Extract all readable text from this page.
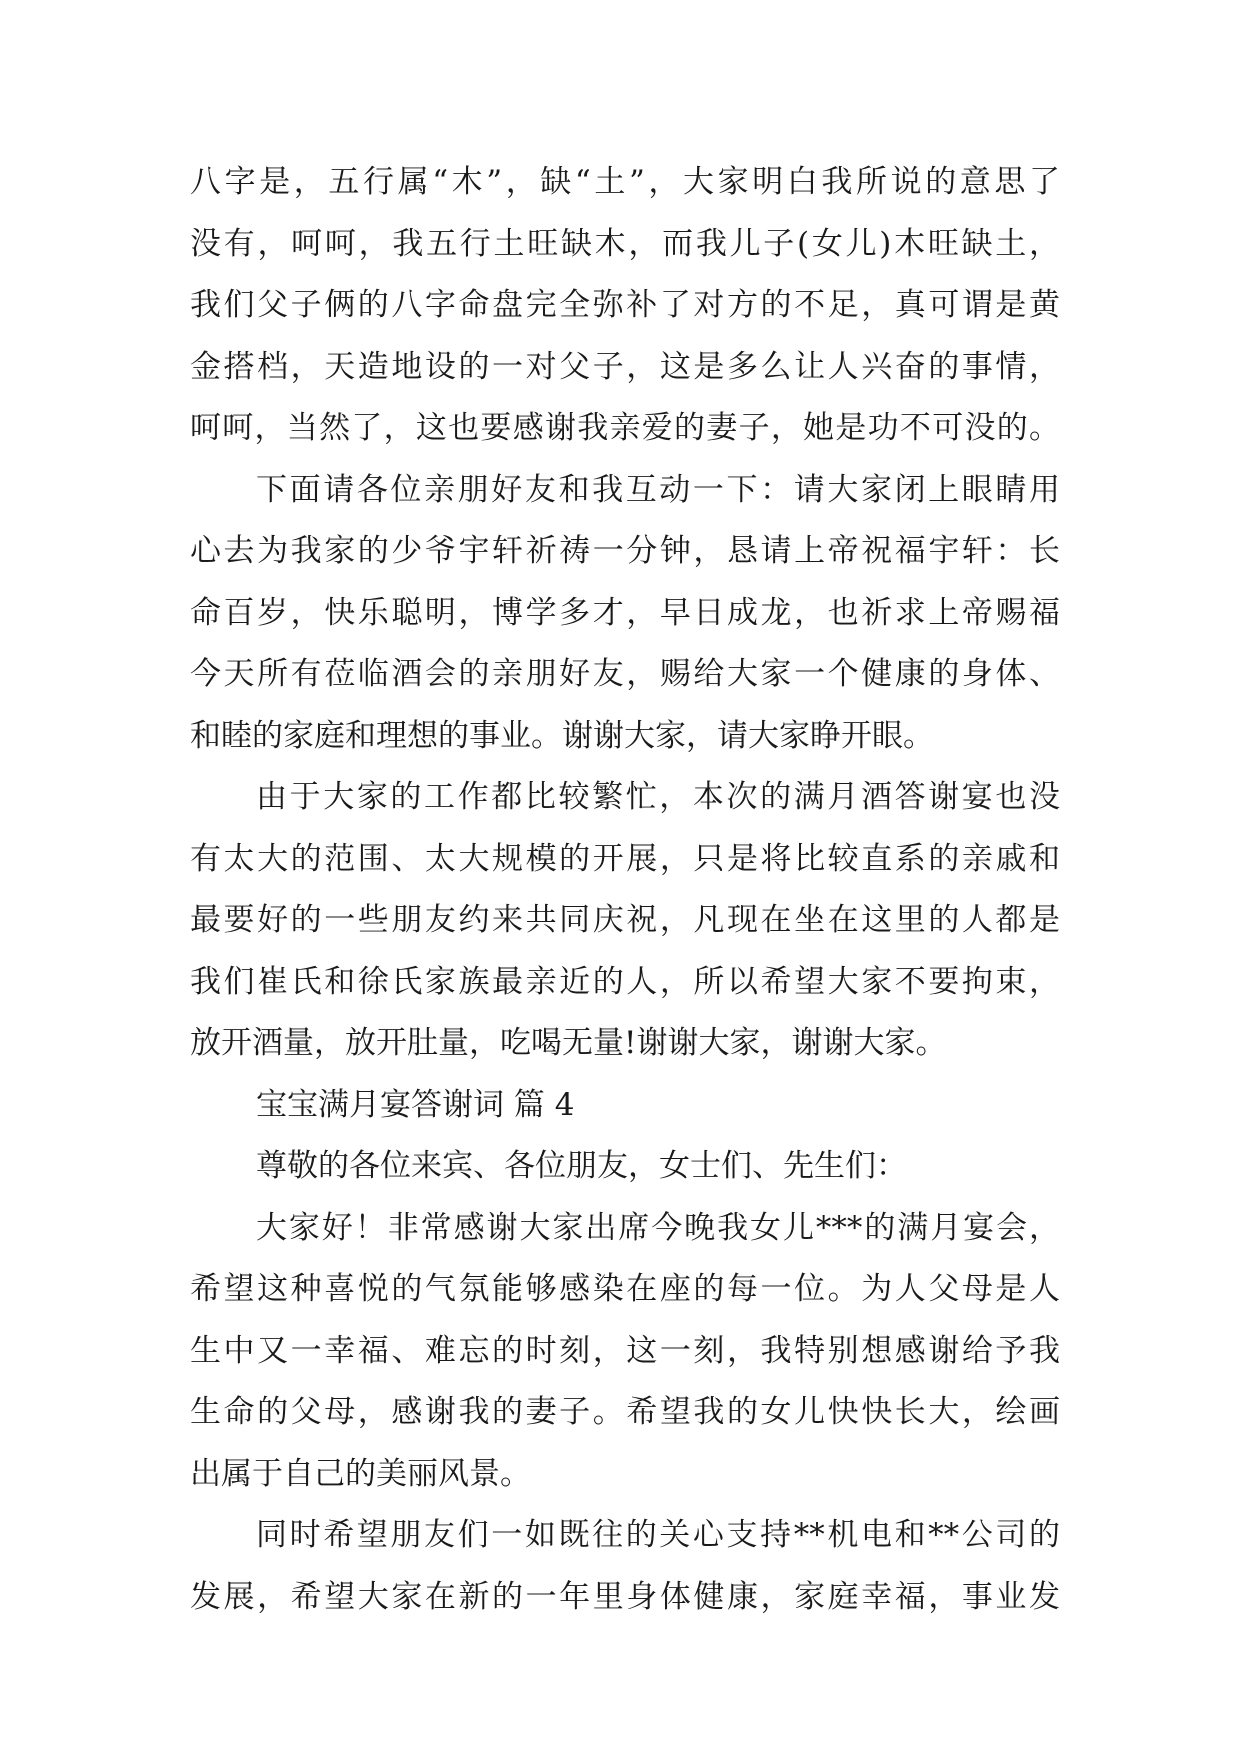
八字是，五行属“木”，缺“土”，大家明白我所说的意思了
没有，呵呵，我五行土旺缺木，而我儿子(女儿)木旺缺土，
我们父子俩的八字命盘完全弥补了对方的不足，真可谓是黄
金搭档，天造地设的一对父子，这是多么让人兴奋的事情，
呵呵，当然了，这也要感谢我亲爱的妻子，她是功不可没的。
下面请各位亲朋好友和我互动一下：请大家闭上眼睛用
心去为我家的少爷宇轩祈祷一分钟，恳请上帝祝福宇轩：长
命百岁，快乐聪明，博学多才，早日成龙，也祈求上帝赐福
今天所有莅临酒会的亲朋好友，赐给大家一个健康的身体、
和睦的家庭和理想的事业。谢谢大家，请大家睁开眼。
由于大家的工作都比较繁忙，本次的满月酒答谢宴也没
有太大的范围、太大规模的开展，只是将比较直系的亲戚和
最要好的一些朋友约来共同庆祝，凡现在坐在这里的人都是
我们崔氏和徐氏家族最亲近的人，所以希望大家不要拘束，
放开酒量，放开肚量，吃喝无量!谢谢大家，谢谢大家。
宝宝满月宴答谢词 篇 4
尊敬的各位来宾、各位朋友，女士们、先生们：
大家好！非常感谢大家出席今晚我女儿***的满月宴会，
希望这种喜悦的气氛能够感染在座的每一位。为人父母是人
生中又一幸福、难忘的时刻，这一刻，我特别想感谢给予我
生命的父母，感谢我的妻子。希望我的女儿快快长大，绘画
出属于自己的美丽风景。
同时希望朋友们一如既往的关心支持**机电和**公司的
发展，希望大家在新的一年里身体健康，家庭幸福，事业发
